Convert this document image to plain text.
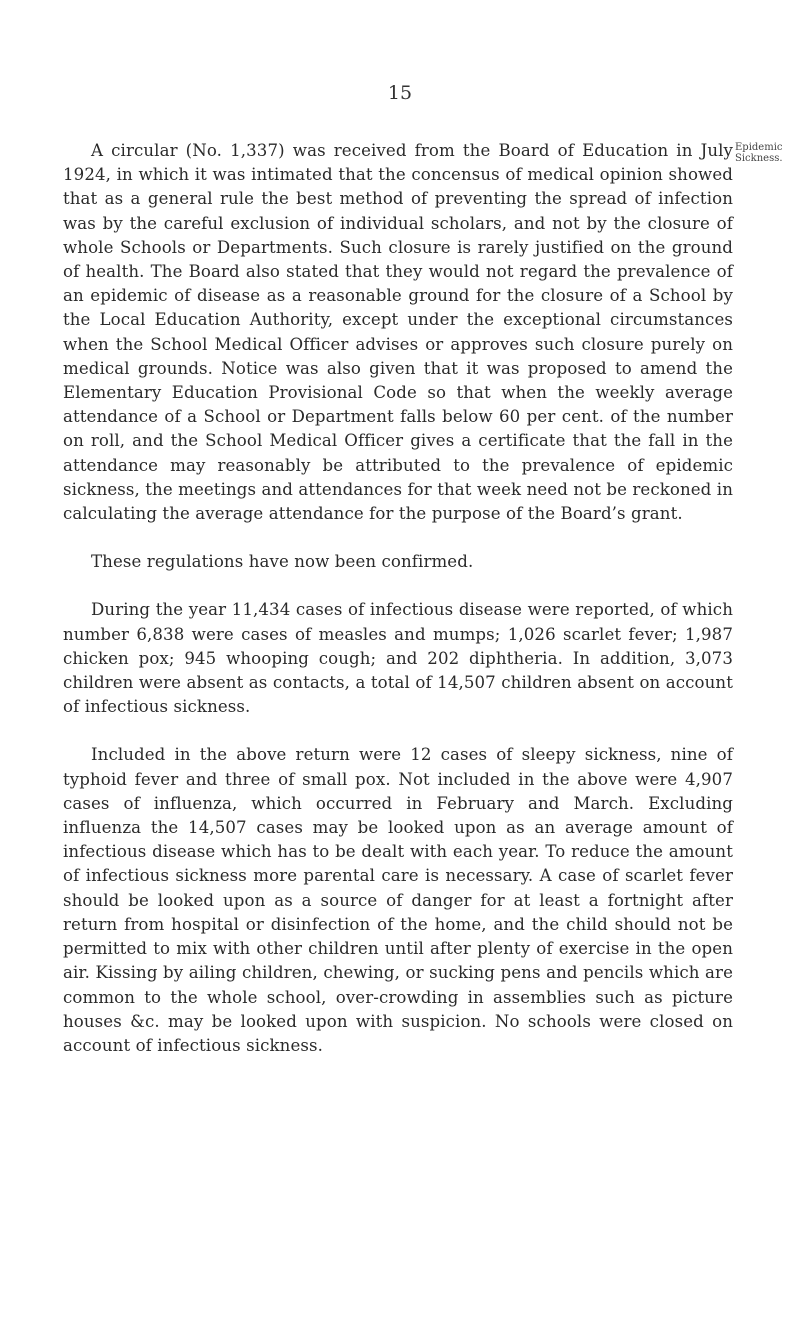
15
Epidemic
Sickness.

A circular (No. 1,337) was received from the Board of Education in July 1924, in which it was intimated that the concensus of medical opinion showed that as a general rule the best method of preventing the spread of infection was by the careful exclusion of individual scholars, and not by the closure of whole Schools or Departments. Such closure is rarely justified on the ground of health. The Board also stated that they would not regard the prevalence of an epidemic of disease as a reasonable ground for the closure of a School by the Local Education Authority, except under the exceptional circumstances when the School Medical Officer advises or approves such closure purely on medical grounds. Notice was also given that it was proposed to amend the Elementary Education Provisional Code so that when the weekly average attendance of a School or Department falls below 60 per cent. of the number on roll, and the School Medical Officer gives a certificate that the fall in the attendance may reasonably be attributed to the prevalence of epidemic sickness, the meetings and attendances for that week need not be reckoned in calculating the average attendance for the purpose of the Board’s grant.

These regulations have now been confirmed.

During the year 11,434 cases of infectious disease were reported, of which number 6,838 were cases of measles and mumps; 1,026 scarlet fever; 1,987 chicken pox; 945 whooping cough; and 202 diphtheria. In addition, 3,073 children were absent as contacts, a total of 14,507 children absent on account of infectious sickness.

Included in the above return were 12 cases of sleepy sickness, nine of typhoid fever and three of small pox. Not included in the above were 4,907 cases of influenza, which occurred in February and March. Excluding influenza the 14,507 cases may be looked upon as an average amount of infectious disease which has to be dealt with each year. To reduce the amount of infectious sickness more parental care is necessary. A case of scarlet fever should be looked upon as a source of danger for at least a fortnight after return from hospital or disinfection of the home, and the child should not be permitted to mix with other children until after plenty of exercise in the open air. Kissing by ailing children, chewing, or sucking pens and pencils which are common to the whole school, over-crowding in assemblies such as picture houses &c. may be looked upon with suspicion. No schools were closed on account of infectious sickness.
